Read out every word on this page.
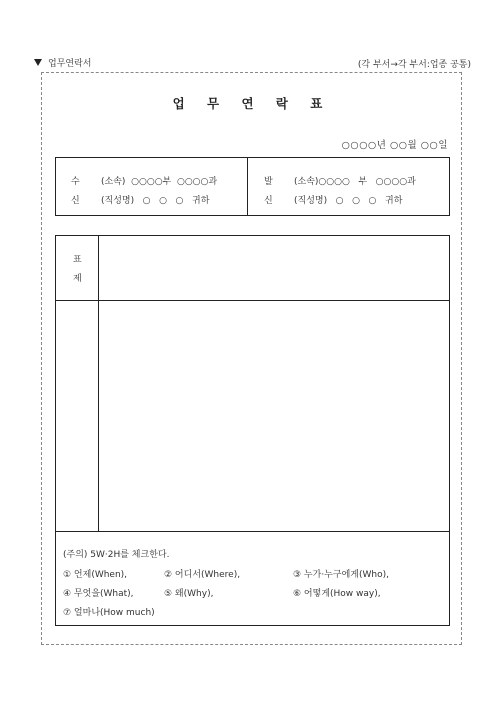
업무연락서	(각 부서→각 부서:업종 공통)
업 무 연 락 표
○○○○년 ○○월 ○○일
수
신
(소속)  ○○○○부  ○○○○과
(직성명)   ○   ○   ○   귀하
발
신
(소속)○○○○   부   ○○○○과
(직성명)   ○   ○   ○   귀하
표
제
(주의) 5W·2H를 체크한다.
① 언제(When),	② 어디서(Where),	③ 누가·누구에게(Who),
④ 무엇을(What),	⑤ 왜(Why),	⑥ 어떻게(How way),
⑦ 얼마나(How much)
